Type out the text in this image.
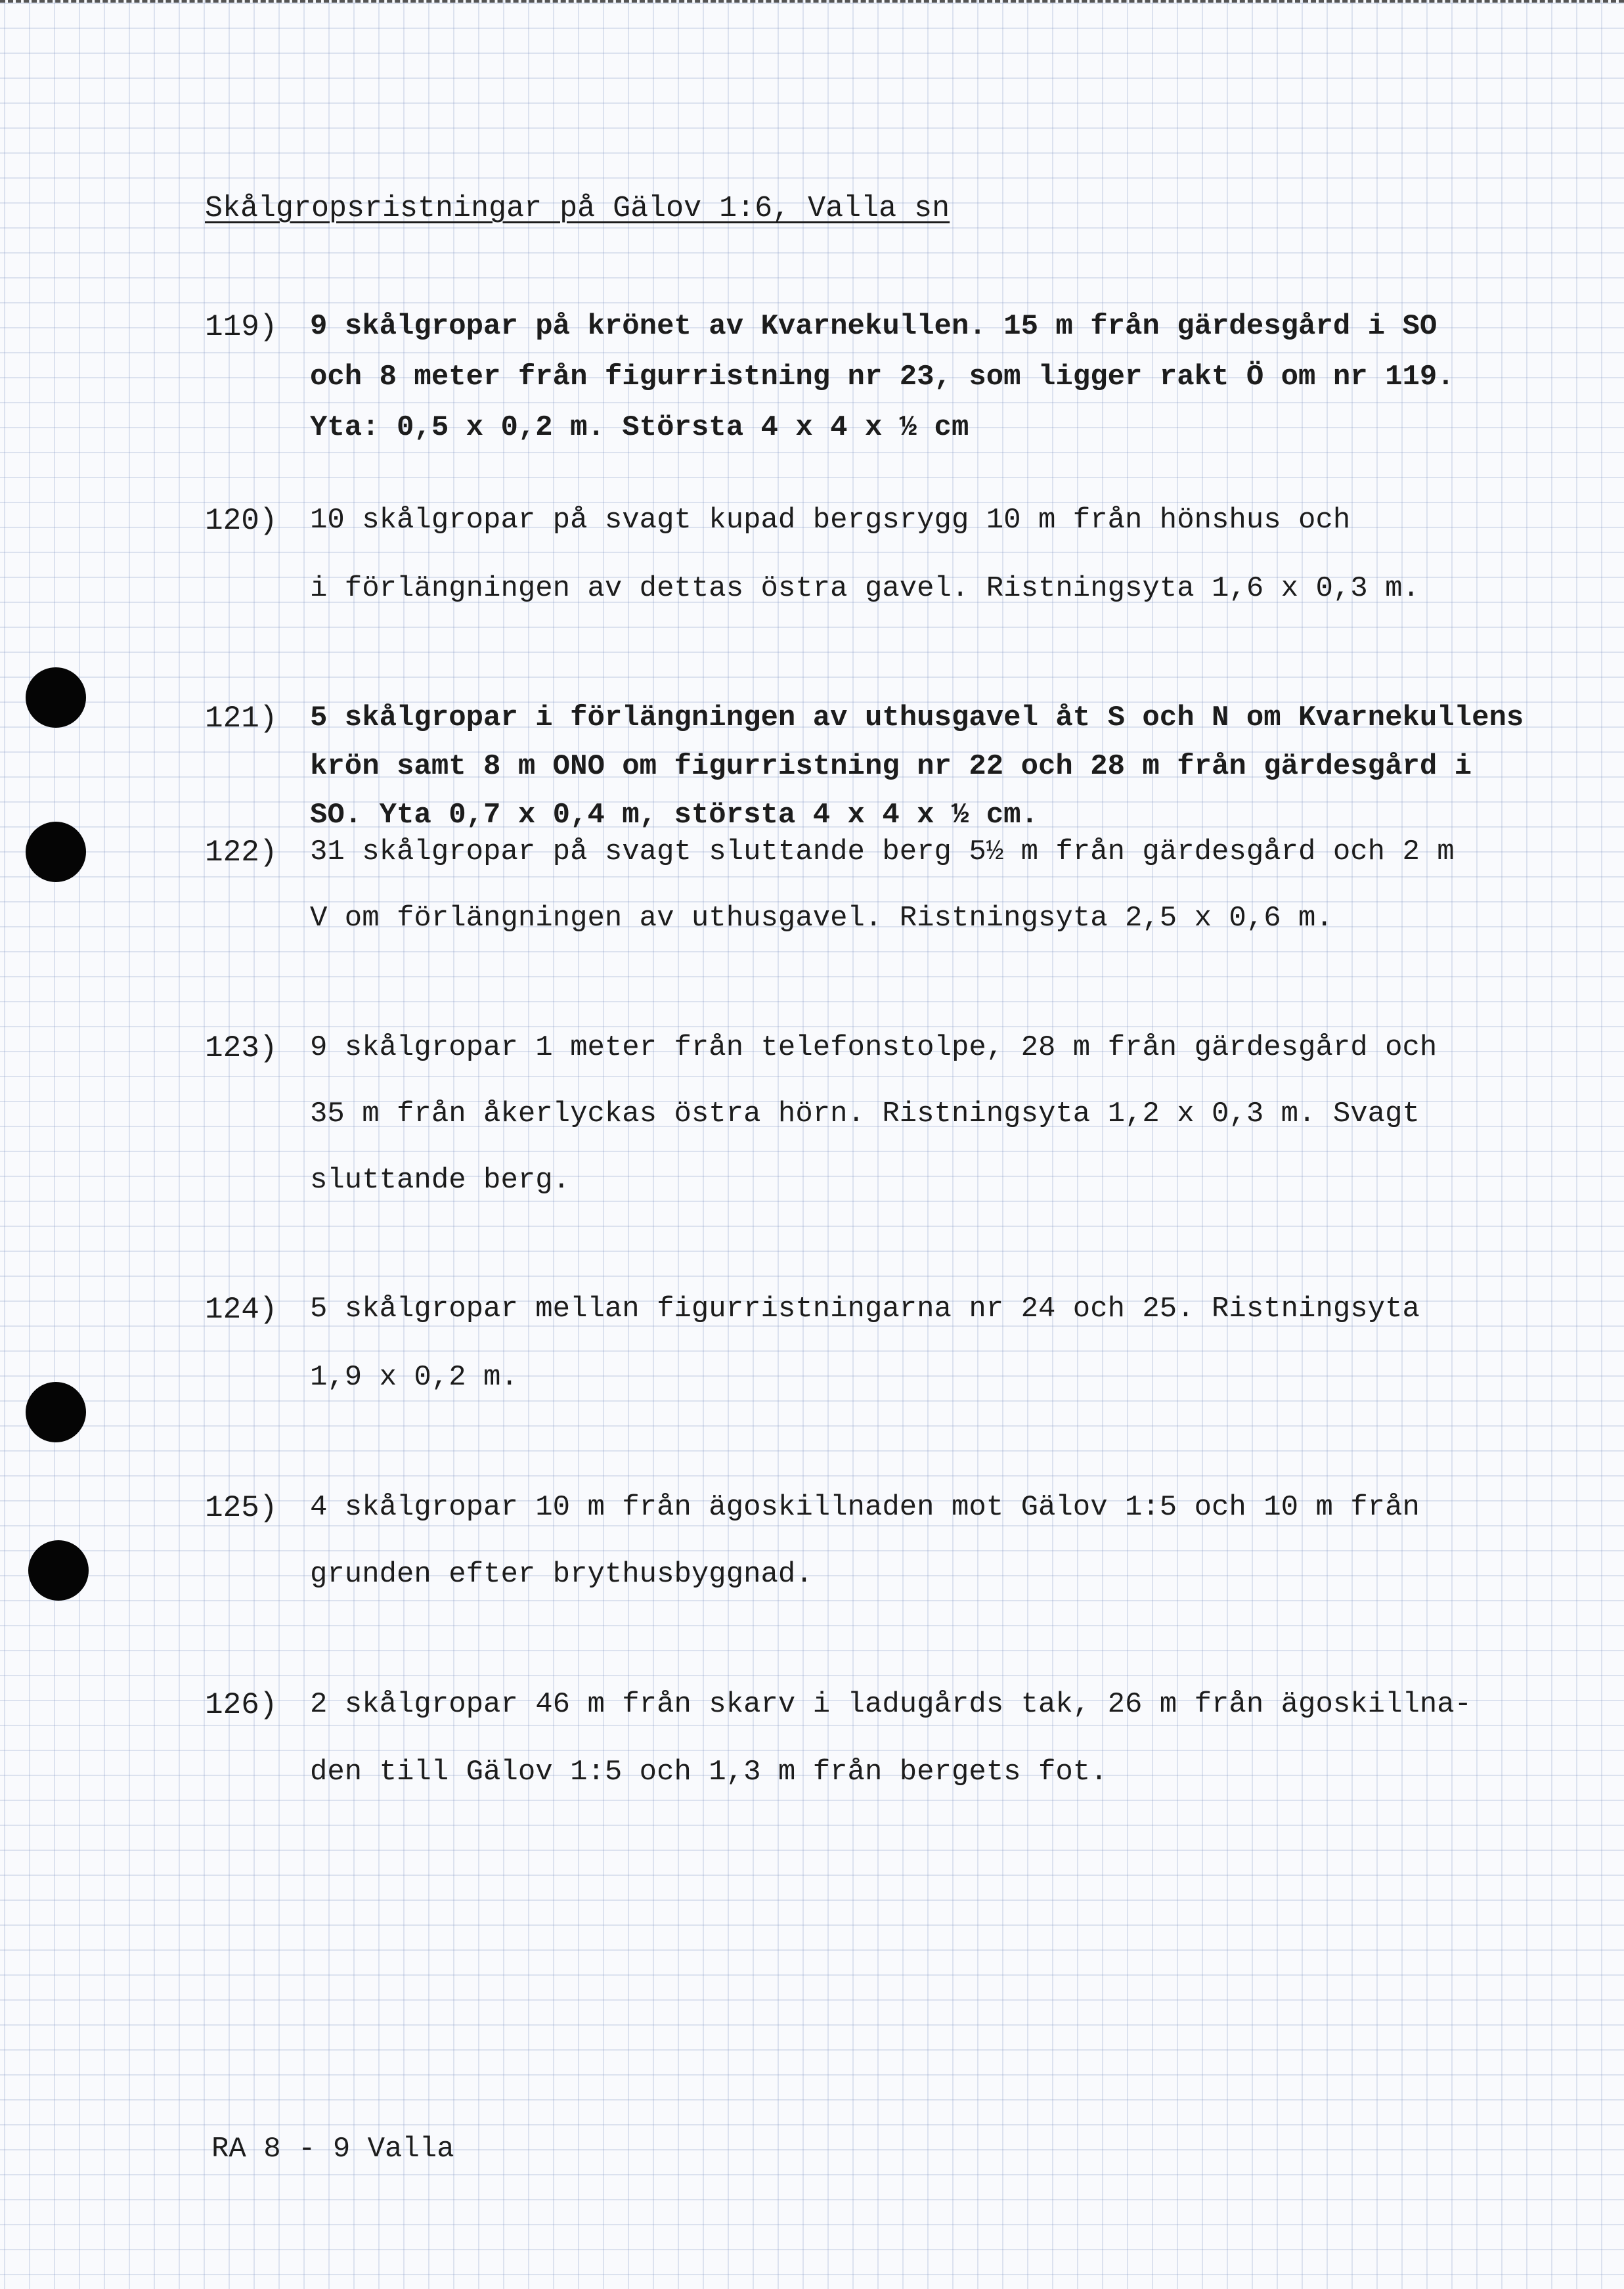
Skålgropsristningar på Gälov 1:6, Valla sn
119) 9 skålgropar på krönet av Kvarnekullen. 15 m från gärdesgård i SO
och 8 meter från figurristning nr 23, som ligger rakt Ö om nr 119.
Yta: 0,5 x 0,2 m. Största 4 x 4 x ½ cm
120) 10 skålgropar på svagt kupad bergsrygg 10 m från hönshus och
i förlängningen av dettas östra gavel. Ristningsyta 1,6 x 0,3 m.
121) 5 skålgropar i förlängningen av uthusgavel åt S och N om Kvarnekullens
krön samt 8 m ONO om figurristning nr 22 och 28 m från gärdesgård i
SO. Yta 0,7 x 0,4 m, största 4 x 4 x ½ cm.
122) 31 skålgropar på svagt sluttande berg 5½ m från gärdesgård och 2 m
V om förlängningen av uthusgavel. Ristningsyta 2,5 x 0,6 m.
123) 9 skålgropar 1 meter från telefonstolpe, 28 m från gärdesgård och
35 m från åkerlyckas östra hörn. Ristningsyta 1,2 x 0,3 m. Svagt
sluttande berg.
124) 5 skålgropar mellan figurristningarna nr 24 och 25. Ristningsyta
1,9 x 0,2 m.
125) 4 skålgropar 10 m från ägoskillnaden mot Gälov 1:5 och 10 m från
grunden efter brythusbyggnad.
126) 2 skålgropar 46 m från skarv i ladugårds tak, 26 m från ägoskillna-
den till Gälov 1:5 och 1,3 m från bergets fot.
RA 8 - 9 Valla
